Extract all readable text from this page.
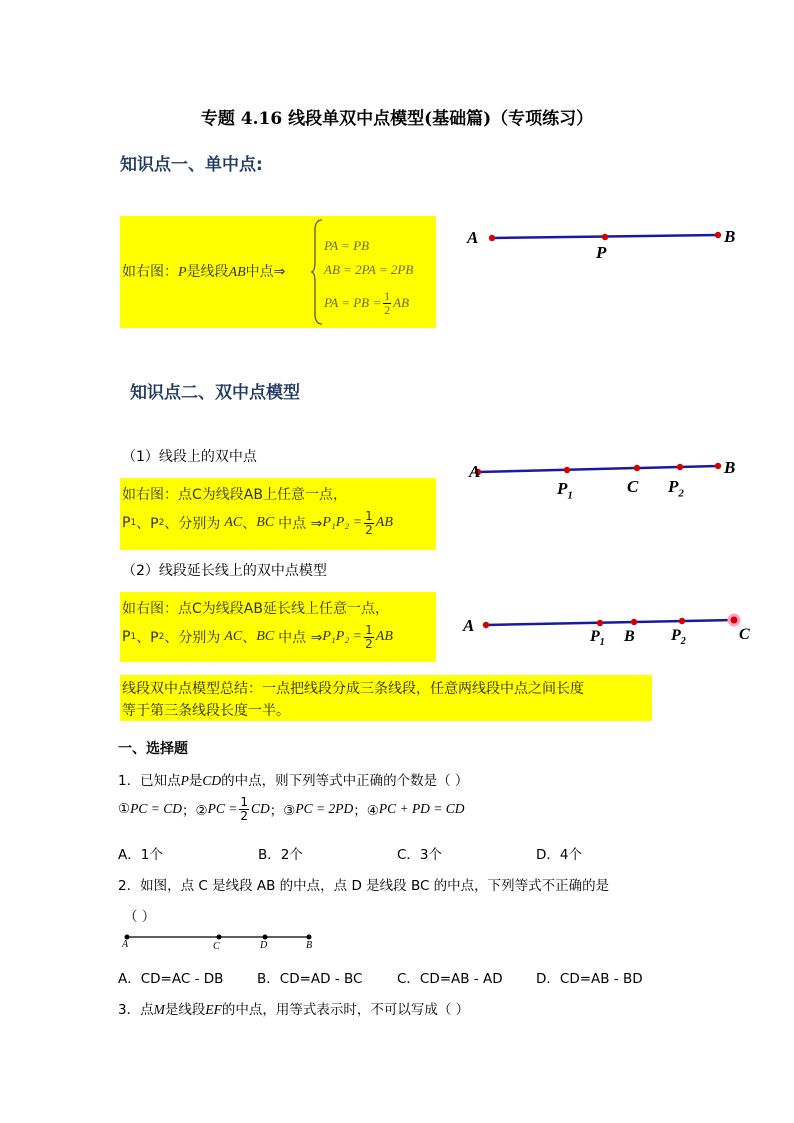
专题 4.16 线段单双中点模型(基础篇)（专项练习）
知识点一、单中点:
如右图：P是线段AB中点⇒
PA = PB
AB = 2PA = 2PB
PA = PB = $\frac{1}{2}$ AB
A
P
B
知识点二、双中点模型
（1）线段上的双中点
如右图：点C为线段AB上任意一点，
P 1 、P 2 、分别为 AC 、 BC 中点 ⇒ $P_1P_2 = \frac{1}{2}$ AB
A
$P_1$	C $P_2$
B
（2）线段延长线上的双中点模型
如右图：点C为线段AB延长线上任意一点，
P 1 、P 2 、分别为 AC 、 BC 中点 ⇒ $P_1P_2 = \frac{1}{2}$ AB
A
$P_1$ B $P_2$	C
线段双中点模型总结：一点把线段分成三条线段，任意两线段中点之间长度
等于第三条线段长度一半。
一、选择题
1．已知点P是CD的中点，则下列等式中正确的个数是（ ）
① PC = CD ；② PC = $\frac{1}{2}$ CD ；③ PC = 2PD ；④ PC + PD = CD
A．1个	B．2个	C．3个	D．4个
2．如图，点 C 是线段 AB 的中点，点 D 是线段 BC 的中点，下列等式不正确的是
（ ）
A	C	D	B
A．CD=AC - DB B．CD=AD - BC	C．CD=AB - AD D．CD=AB - BD
3．点M是线段EF的中点，用等式表示时，不可以写成（ ）
